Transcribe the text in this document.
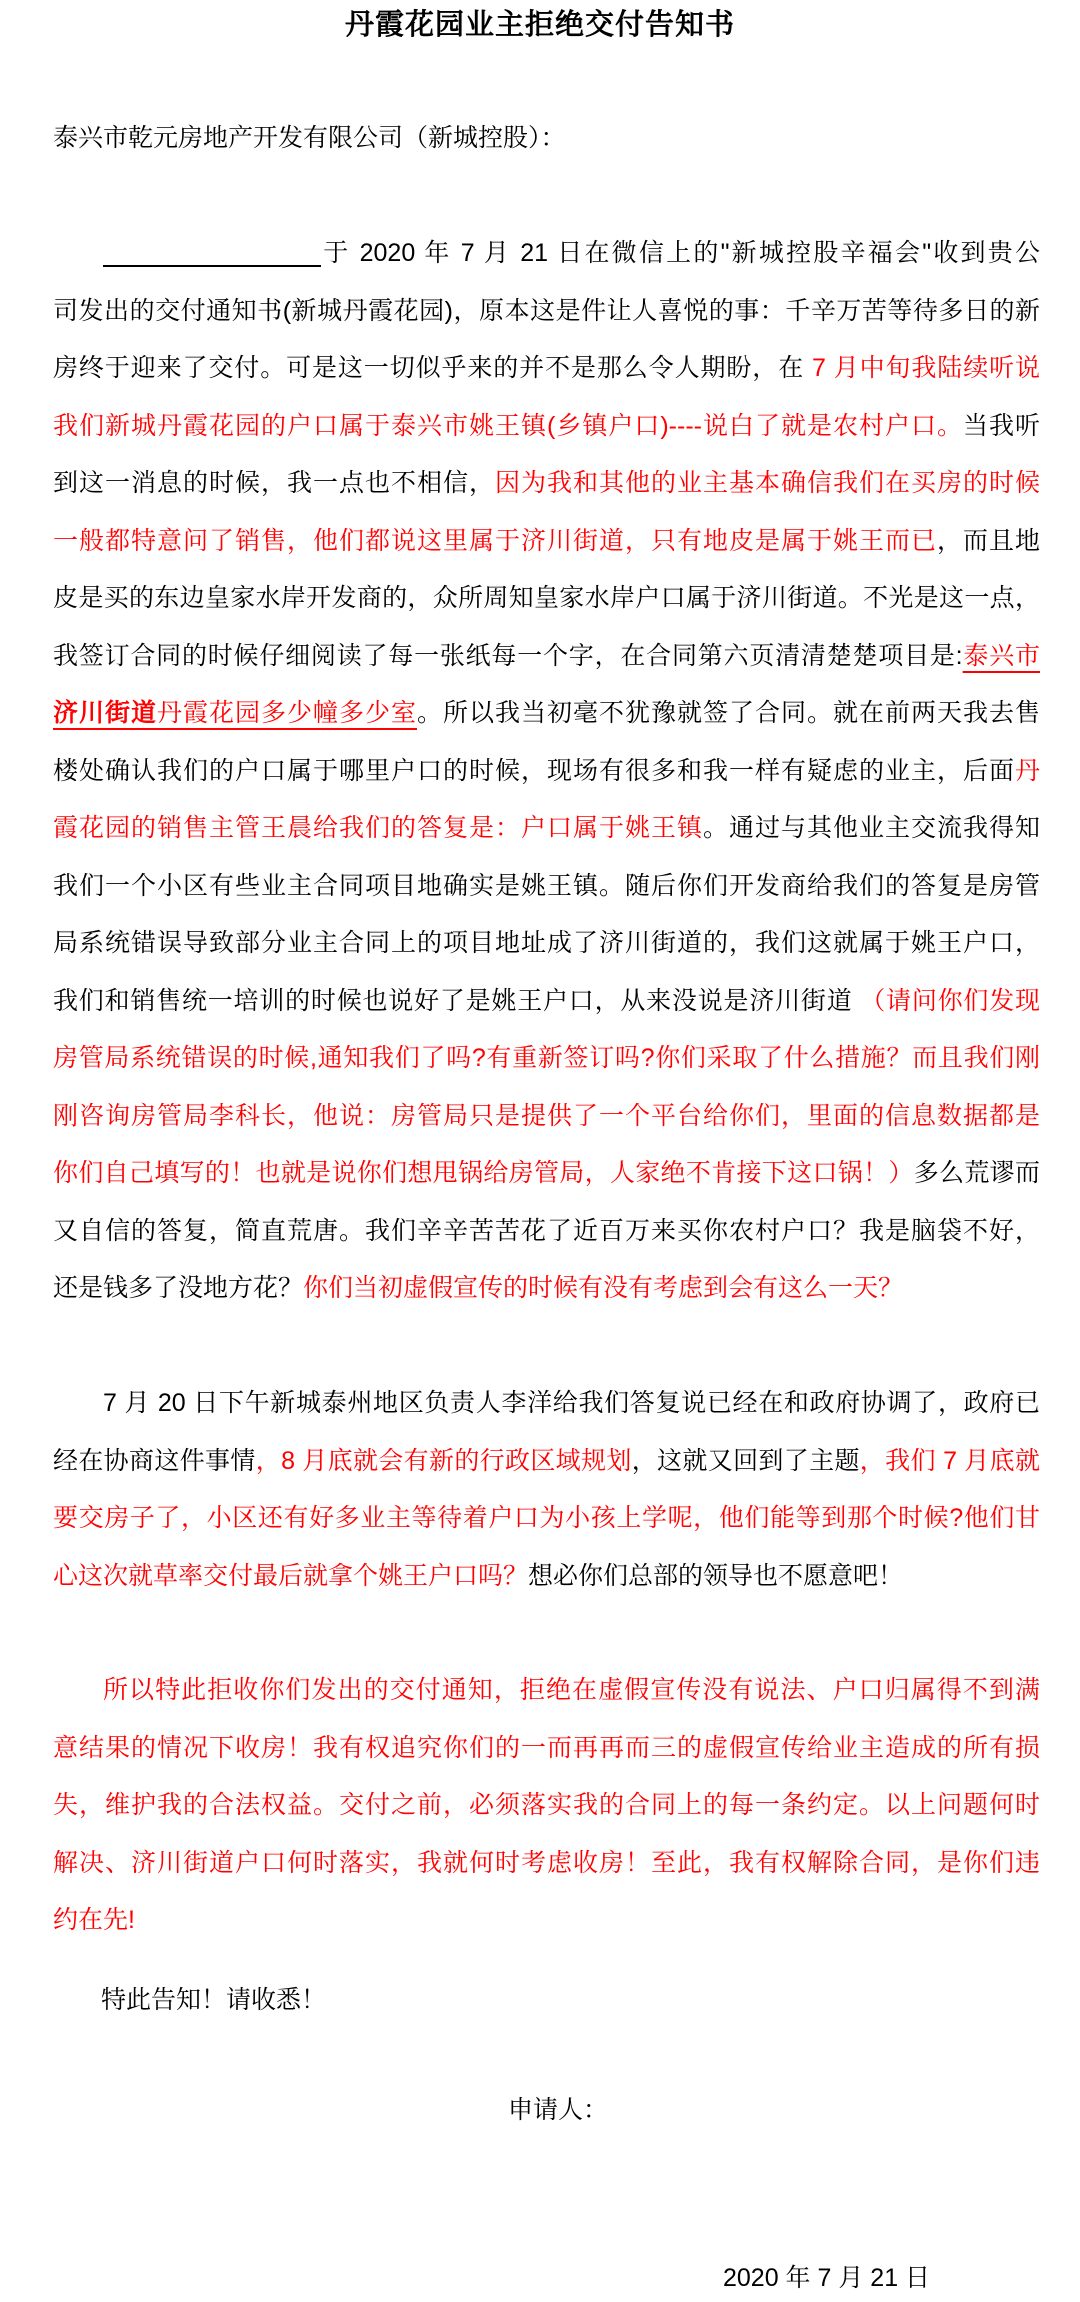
丹霞花园业主拒绝交付告知书
泰兴市乾元房地产开发有限公司（新城控股）：
于 2020 年 7 月 21 日在微信上的"新城控股辛福会"收到贵公
司发出的交付通知书(新城丹霞花园)，原本这是件让人喜悦的事：千辛万苦等待多日的新
房终于迎来了交付。可是这一切似乎来的并不是那么令人期盼，在 7 月中旬我陆续听说
我们新城丹霞花园的户口属于泰兴市姚王镇(乡镇户口)----说白了就是农村户口。当我听
到这一消息的时候，我一点也不相信，因为我和其他的业主基本确信我们在买房的时候
一般都特意问了销售，他们都说这里属于济川街道，只有地皮是属于姚王而已，而且地
皮是买的东边皇家水岸开发商的，众所周知皇家水岸户口属于济川街道。不光是这一点，
我签订合同的时候仔细阅读了每一张纸每一个字，在合同第六页清清楚楚项目是:泰兴市
济川街道丹霞花园多少幢多少室。所以我当初毫不犹豫就签了合同。就在前两天我去售
楼处确认我们的户口属于哪里户口的时候，现场有很多和我一样有疑虑的业主，后面丹
霞花园的销售主管王晨给我们的答复是：户口属于姚王镇。通过与其他业主交流我得知
我们一个小区有些业主合同项目地确实是姚王镇。随后你们开发商给我们的答复是房管
局系统错误导致部分业主合同上的项目地址成了济川街道的，我们这就属于姚王户口，
我们和销售统一培训的时候也说好了是姚王户口，从来没说是济川街道 （请问你们发现
房管局系统错误的时候,通知我们了吗?有重新签订吗?你们采取了什么措施？而且我们刚
刚咨询房管局李科长，他说：房管局只是提供了一个平台给你们，里面的信息数据都是
你们自己填写的！也就是说你们想甩锅给房管局，人家绝不肯接下这口锅！）多么荒谬而
又自信的答复，简直荒唐。我们辛辛苦苦花了近百万来买你农村户口？我是脑袋不好，
还是钱多了没地方花？你们当初虚假宣传的时候有没有考虑到会有这么一天？
7 月 20 日下午新城泰州地区负责人李洋给我们答复说已经在和政府协调了，政府已
经在协商这件事情，8 月底就会有新的行政区域规划，这就又回到了主题，我们 7 月底就
要交房子了，小区还有好多业主等待着户口为小孩上学呢，他们能等到那个时候?他们甘
心这次就草率交付最后就拿个姚王户口吗？想必你们总部的领导也不愿意吧！
所以特此拒收你们发出的交付通知，拒绝在虚假宣传没有说法、户口归属得不到满
意结果的情况下收房！我有权追究你们的一而再再而三的虚假宣传给业主造成的所有损
失，维护我的合法权益。交付之前，必须落实我的合同上的每一条约定。以上问题何时
解决、济川街道户口何时落实，我就何时考虑收房！至此，我有权解除合同，是你们违
约在先!
特此告知！请收悉！
申请人：
2020 年 7 月 21 日
